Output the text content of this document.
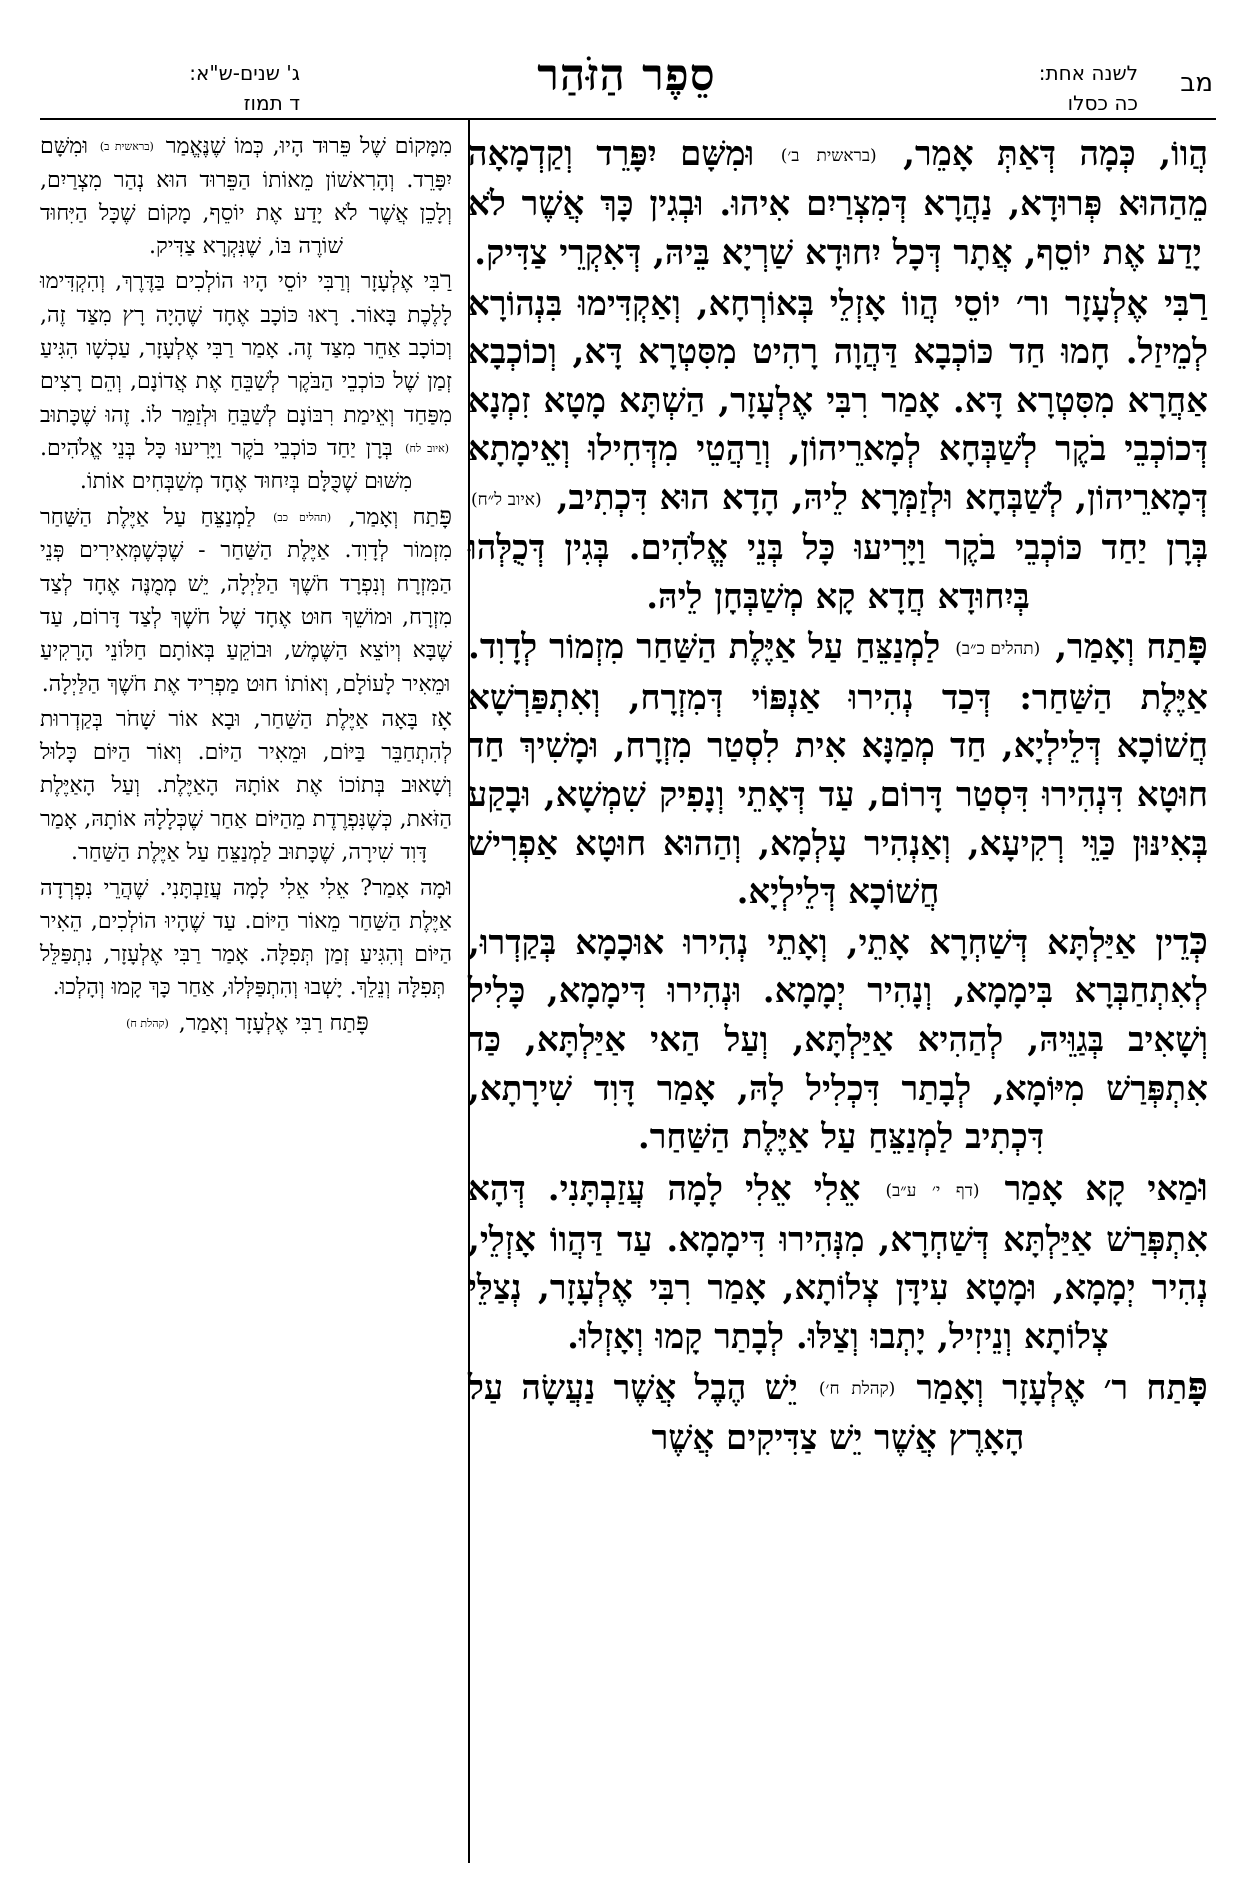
מב
לשנה אחת:
כה כסלו
סֵפֶר הַזֹּהַר
ג' שנים-ש"א:
ד תמוז

הֲווֹ, כְּמָה דְּאַתְּ אָמֵר, (בראשית ב׳) וּמִשָּׁם יִפָּרֵד וְקַדְמָאָה מֵהַהוּא פְּרוּדָא, נַהֲרָא דְּמִצְרַיִם אִיהוּ. וּבְגִין כָּךְ אֲשֶׁר לֹא יָדַע אֶת יוֹסֵף, אֲתָר דְּכָל יִחוּדָא שַׁרְיָא בֵּיהּ, דְּאִקְרֵי צַדִּיק.

רַבִּי אֶלְעָזָר ור׳ יוֹסֵי הֲווֹ אָזְלֵי בְּאוֹרְחָא, וְאַקְדִּימוּ בִּנְהוֹרָא לְמֵיזַל. חָמוּ חַד כּוֹכְבָא דַּהֲוָה רָהִיט מִסִּטְרָא דָּא, וְכוֹכְבָא אַחֲרָא מִסִּטְרָא דָּא. אָמַר רִבִּי אֶלְעָזָר, הַשְׁתָּא מָטָא זִמְנָא דְּכוֹכְבֵי בֹקֶר לְשַׁבְּחָא לְמָארֵיהוֹן, וְרַהֲטֵי מִדְּחִילוּ וְאֵימָתָא דְּמָארֵיהוֹן, לְשַׁבְּחָא וּלְזַמְּרָא לֵיהּ, הָדָא הוּא דִּכְתִיב, (איוב ל״ח) בְּרָן יַחַד כּוֹכְבֵי בֹקֶר וַיָּרִיעוּ כָּל בְּנֵי אֱלֹהִים. בְּגִין דְּכֻלְּהוּ בְּיִחוּדָא חֲדָא קָא מְשַׁבְּחָן לֵיהּ.

פָּתַח וְאָמַר, (תהלים כ״ב) לַמְנַצֵּחַ עַל אַיֶּלֶת הַשַּׁחַר מִזְמוֹר לְדָוִד. אַיֶּלֶת הַשַּׁחַר: דְּכַד נְהִירוּ אַנְפּוֹי דְּמִזְרָח, וְאִתְפַּרְשָׁא חֲשׁוֹכָא דְּלֵילְיָא, חַד מְמַנָּא אִית לִסְטַר מִזְרָח, וּמָשִׁיךְ חַד חוּטָא דִּנְהִירוּ דִּסְטַר דָּרוֹם, עַד דְּאָתֵי וְנָפִיק שִׁמְשָׁא, וּבָקַע בְּאִינּוּן כַּוֵּי רְקִיעָא, וְאַנְהִיר עָלְמָא, וְהַהוּא חוּטָא אַפְרִישׁ חֲשׁוֹכָא דְּלֵילְיָא.

כְּדֵין אַיַּלְתָּא דְּשַׁחְרָא אָתֵי, וְאָתֵי נְהִירוּ אוּכָמָא בְּקַדְרוּ, לְאִתְחַבְּרָא בִּימָמָא, וְנָהִיר יְמָמָא. וּנְהִירוּ דִּימָמָא, כָּלִיל וְשָׁאִיב בְּגַוֵּיהּ, לְהַהִיא אַיַּלְתָּא, וְעַל הַאי אַיַּלְתָּא, כַּד אִתְפְּרַשׁ מִיּוֹמָא, לְבָתַר דִּכְלִיל לָהּ, אָמַר דָּוִד שִׁירָתָא, דִּכְתִיב לַמְנַצֵּחַ עַל אַיֶּלֶת הַשַּׁחַר.

וּמַאי קָא אָמַר (דף י׳ ע״ב) אֵלִי אֵלִי לָמָה עֲזַבְתָּנִי. דְּהָא אִתְפְּרַשׁ אַיַּלְתָּא דְּשַׁחְרָא, מִנְּהִירוּ דִּימָמָא. עַד דַּהֲווֹ אָזְלֵי, נְהִיר יְמָמָא, וּמָטָא עִידָּן צְלוֹתָא, אָמַר רִבִּי אֶלְעָזָר, נְצַלֵּי צְלוֹתָא וְנֵיזִיל, יָתְבוּ וְצַלּוּ. לְבָתַר קָמוּ וְאָזְלוּ.

פָּתַח ר׳ אֶלְעָזָר וְאָמַר (קהלת ח׳) יֵשׁ הֶבֶל אֲשֶׁר נַעֲשָׂה עַל הָאָרֶץ אֲשֶׁר יֵשׁ צַדִּיקִים אֲשֶׁר

מִמָּקוֹם שֶׁל פֵּרוּד הָיוּ, כְּמוֹ שֶׁנֶּאֱמַר (בראשית ב) וּמִשָּׁם יִפָּרֵד. וְהָרִאשׁוֹן מֵאוֹתוֹ הַפֵּרוּד הוּא נְהַר מִצְרַיִם, וְלָכֵן אֲשֶׁר לֹא יָדַע אֶת יוֹסֵף, מָקוֹם שֶׁכָּל הַיִּחוּד שׁוֹרֶה בּוֹ, שֶׁנִּקְרָא צַדִּיק.

רַבִּי אֶלְעָזָר וְרַבִּי יוֹסֵי הָיוּ הוֹלְכִים בַּדֶּרֶךְ, וְהִקְדִּימוּ לָלֶכֶת בָּאוֹר. רָאוּ כּוֹכָב אֶחָד שֶׁהָיָה רָץ מִצַּד זֶה, וְכוֹכָב אַחֵר מִצַּד זֶה. אָמַר רַבִּי אֶלְעָזָר, עַכְשָׁו הִגִּיעַ זְמַן שֶׁל כּוֹכְבֵי הַבֹּקֶר לְשַׁבֵּחַ אֶת אֲדוֹנָם, וְהֵם רָצִים מִפַּחַד וְאֵימַת רִבּוֹנָם לְשַׁבֵּחַ וּלְזַמֵּר לוֹ. זֶהוּ שֶׁכָּתוּב (איוב לח) בְּרָן יַחַד כּוֹכְבֵי בֹקֶר וַיָּרִיעוּ כָּל בְּנֵי אֱלֹהִים. מִשּׁוּם שֶׁכֻּלָּם בְּיִחוּד אֶחָד מְשַׁבְּחִים אוֹתוֹ.

פָּתַח וְאָמַר, (תהלים כב) לַמְנַצֵּחַ עַל אַיֶּלֶת הַשַּׁחַר מִזְמוֹר לְדָוִד. אַיֶּלֶת הַשַּׁחַר - שֶׁכְּשֶׁמְּאִירִים פְּנֵי הַמִּזְרָח וְנִפְרָד חֹשֶׁךְ הַלַּיְלָה, יֵשׁ מְמֻנֶּה אֶחָד לְצַד מִזְרָח, וּמוֹשֵׁךְ חוּט אֶחָד שֶׁל חֹשֶׁךְ לְצַד דָּרוֹם, עַד שֶׁבָּא וְיוֹצֵא הַשֶּׁמֶשׁ, וּבוֹקֵעַ בְּאוֹתָם חַלּוֹנֵי הָרָקִיעַ וּמֵאִיר לָעוֹלָם, וְאוֹתוֹ חוּט מַפְרִיד אֶת חֹשֶׁךְ הַלַּיְלָה.

אָז בָּאָה אַיֶּלֶת הַשַּׁחַר, וּבָא אוֹר שָׁחֹר בְּקַדְרוּת לְהִתְחַבֵּר בַּיּוֹם, וּמֵאִיר הַיּוֹם. וְאוֹר הַיּוֹם כָּלוּל וְשָׁאוּב בְּתוֹכוֹ אֶת אוֹתָהּ הָאַיֶּלֶת. וְעַל הָאַיֶּלֶת הַזֹּאת, כְּשֶׁנִּפְרֶדֶת מֵהַיּוֹם אַחַר שֶׁכְּלָלָהּ אוֹתָהּ, אָמַר דָּוִד שִׁירָה, שֶׁכָּתוּב לַמְנַצֵּחַ עַל אַיֶּלֶת הַשַּׁחַר.

וּמָה אָמַר? אֵלִי אֵלִי לָמָה עֲזַבְתָּנִי. שֶׁהֲרֵי נִפְרְדָה אַיֶּלֶת הַשַּׁחַר מֵאוֹר הַיּוֹם. עַד שֶׁהָיוּ הוֹלְכִים, הֵאִיר הַיּוֹם וְהִגִּיעַ זְמַן תְּפִלָּה. אָמַר רַבִּי אֶלְעָזָר, נִתְפַּלֵּל תְּפִלָּה וְנֵלֵךְ. יָשְׁבוּ וְהִתְפַּלְּלוּ, אַחַר כָּךְ קָמוּ וְהָלְכוּ.

פָּתַח רַבִּי אֶלְעָזָר וְאָמַר, (קהלת ח)
